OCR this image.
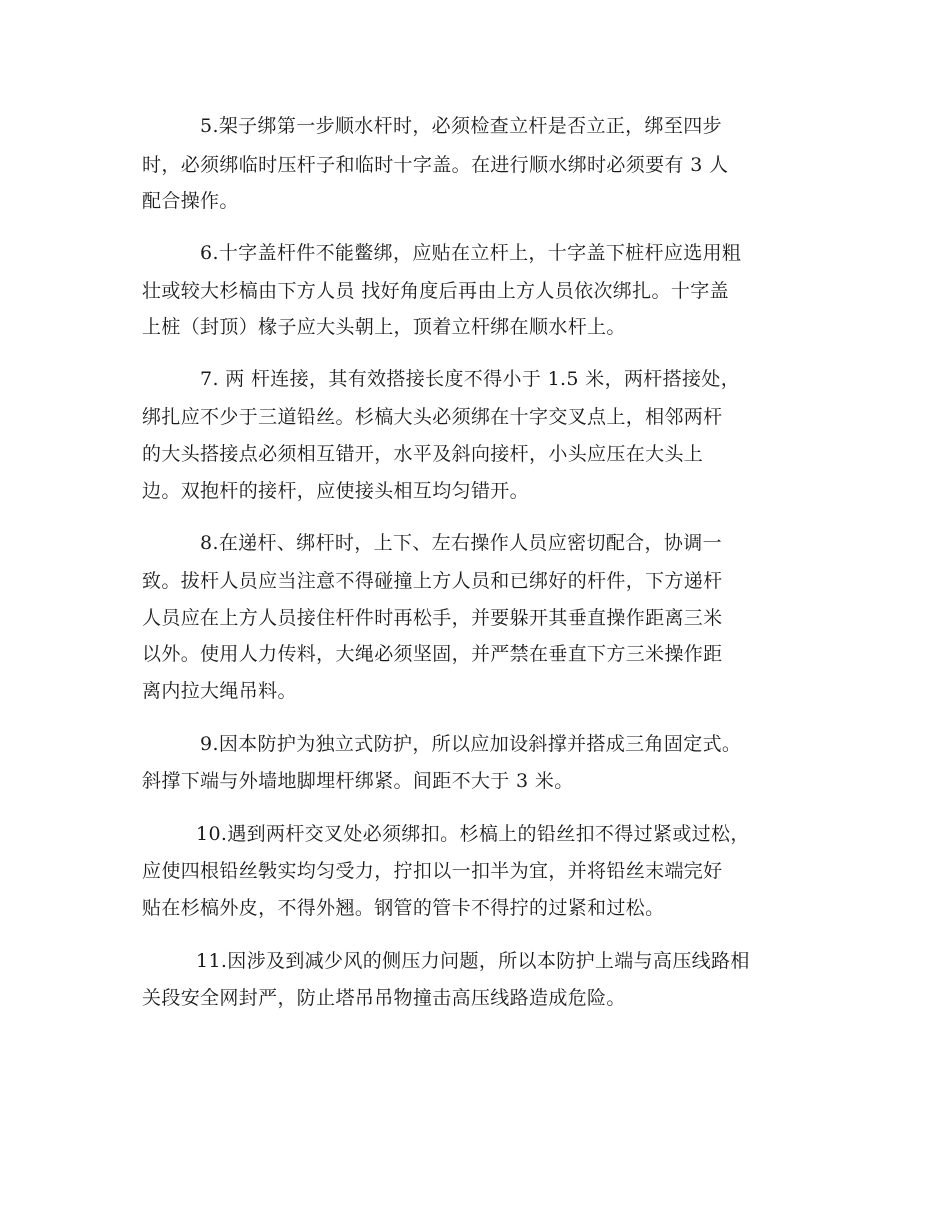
5.架子绑第一步顺水杆时，必须检查立杆是否立正，绑至四步
时，必须绑临时压杆子和临时十字盖。在进行顺水绑时必须要有 3 人
配合操作。
6.十字盖杆件不能鳖绑，应贴在立杆上，十字盖下桩杆应选用粗
壮或较大杉槁由下方人员 找好角度后再由上方人员依次绑扎。十字盖
上桩（封顶）椽子应大头朝上，顶着立杆绑在顺水杆上。
7. 两 杆连接，其有效搭接长度不得小于 1.5 米，两杆搭接处，
绑扎应不少于三道铅丝。杉槁大头必须绑在十字交叉点上，相邻两杆
的大头搭接点必须相互错开，水平及斜向接杆，小头应压在大头上
边。双抱杆的接杆，应使接头相互均匀错开。
8.在递杆、绑杆时，上下、左右操作人员应密切配合，协调一
致。拔杆人员应当注意不得碰撞上方人员和已绑好的杆件，下方递杆
人员应在上方人员接住杆件时再松手，并要躲开其垂直操作距离三米
以外。使用人力传料，大绳必须坚固，并严禁在垂直下方三米操作距
离内拉大绳吊料。
9.因本防护为独立式防护，所以应加设斜撑并搭成三角固定式。
斜撑下端与外墙地脚埋杆绑紧。间距不大于 3 米。
10.遇到两杆交叉处必须绑扣。杉槁上的铅丝扣不得过紧或过松，
应使四根铅丝斅实均匀受力，拧扣以一扣半为宜，并将铅丝末端完好
贴在杉槁外皮，不得外翘。钢管的管卡不得拧的过紧和过松。
11.因涉及到减少风的侧压力问题，所以本防护上端与高压线路相
关段安全网封严，防止塔吊吊物撞击高压线路造成危险。
